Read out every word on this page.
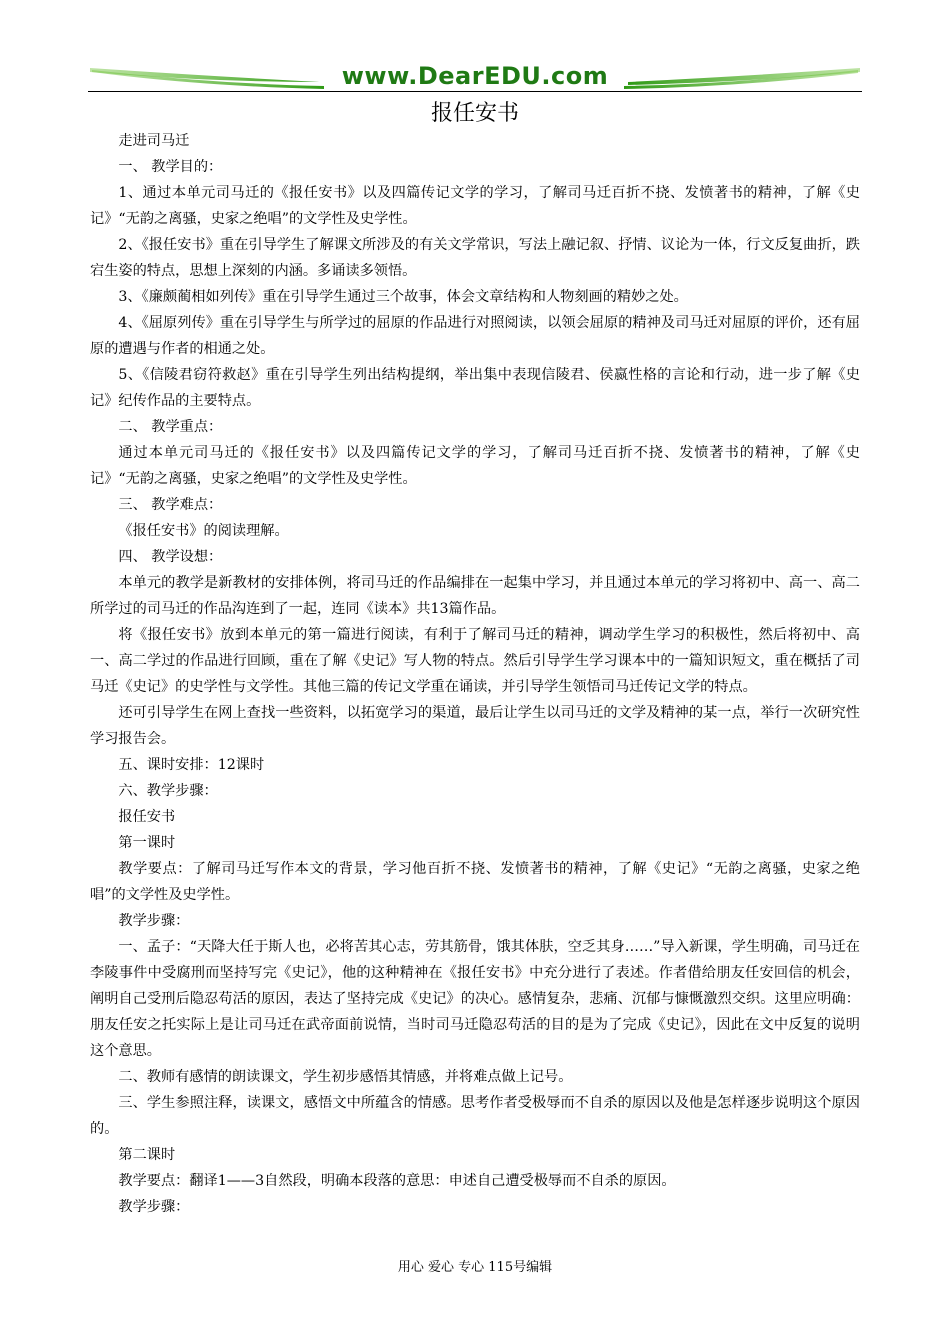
www.DearEDU.com
报任安书

走进司马迁

一、 教学目的：

1、通过本单元司马迁的《报任安书》以及四篇传记文学的学习，了解司马迁百折不挠、发愤著书的精神，了解《史记》“无韵之离骚，史家之绝唱”的文学性及史学性。

2、《报任安书》重在引导学生了解课文所涉及的有关文学常识，写法上融记叙、抒情、议论为一体，行文反复曲折，跌宕生姿的特点，思想上深刻的内涵。多诵读多领悟。

3、《廉颇蔺相如列传》重在引导学生通过三个故事，体会文章结构和人物刻画的精妙之处。

4、《屈原列传》重在引导学生与所学过的屈原的作品进行对照阅读，以领会屈原的精神及司马迁对屈原的评价，还有屈原的遭遇与作者的相通之处。

5、《信陵君窃符救赵》重在引导学生列出结构提纲，举出集中表现信陵君、侯嬴性格的言论和行动，进一步了解《史记》纪传作品的主要特点。

二、 教学重点：

通过本单元司马迁的《报任安书》以及四篇传记文学的学习，了解司马迁百折不挠、发愤著书的精神，了解《史记》“无韵之离骚，史家之绝唱”的文学性及史学性。

三、 教学难点：

《报任安书》的阅读理解。

四、 教学设想：

本单元的教学是新教材的安排体例，将司马迁的作品编排在一起集中学习，并且通过本单元的学习将初中、高一、高二所学过的司马迁的作品沟连到了一起，连同《读本》共13篇作品。

将《报任安书》放到本单元的第一篇进行阅读，有利于了解司马迁的精神，调动学生学习的积极性，然后将初中、高一、高二学过的作品进行回顾，重在了解《史记》写人物的特点。然后引导学生学习课本中的一篇知识短文，重在概括了司马迁《史记》的史学性与文学性。其他三篇的传记文学重在诵读，并引导学生领悟司马迁传记文学的特点。

还可引导学生在网上查找一些资料，以拓宽学习的渠道，最后让学生以司马迁的文学及精神的某一点，举行一次研究性学习报告会。

五、课时安排：12课时

六、教学步骤：

报任安书

第一课时

教学要点：了解司马迁写作本文的背景，学习他百折不挠、发愤著书的精神，了解《史记》“无韵之离骚，史家之绝唱”的文学性及史学性。

教学步骤：

一、孟子：“天降大任于斯人也，必将苦其心志，劳其筋骨，饿其体肤，空乏其身……”导入新课，学生明确，司马迁在李陵事件中受腐刑而坚持写完《史记》，他的这种精神在《报任安书》中充分进行了表述。作者借给朋友任安回信的机会，阐明自己受刑后隐忍苟活的原因，表达了坚持完成《史记》的决心。感情复杂，悲痛、沉郁与慷慨激烈交织。这里应明确：朋友任安之托实际上是让司马迁在武帝面前说情，当时司马迁隐忍苟活的目的是为了完成《史记》，因此在文中反复的说明这个意思。

二、教师有感情的朗读课文，学生初步感悟其情感，并将难点做上记号。

三、学生参照注释，读课文，感悟文中所蕴含的情感。思考作者受极辱而不自杀的原因以及他是怎样逐步说明这个原因的。

第二课时

教学要点：翻译1——3自然段，明确本段落的意思：申述自己遭受极辱而不自杀的原因。

教学步骤：

用心 爱心 专心 115号编辑
